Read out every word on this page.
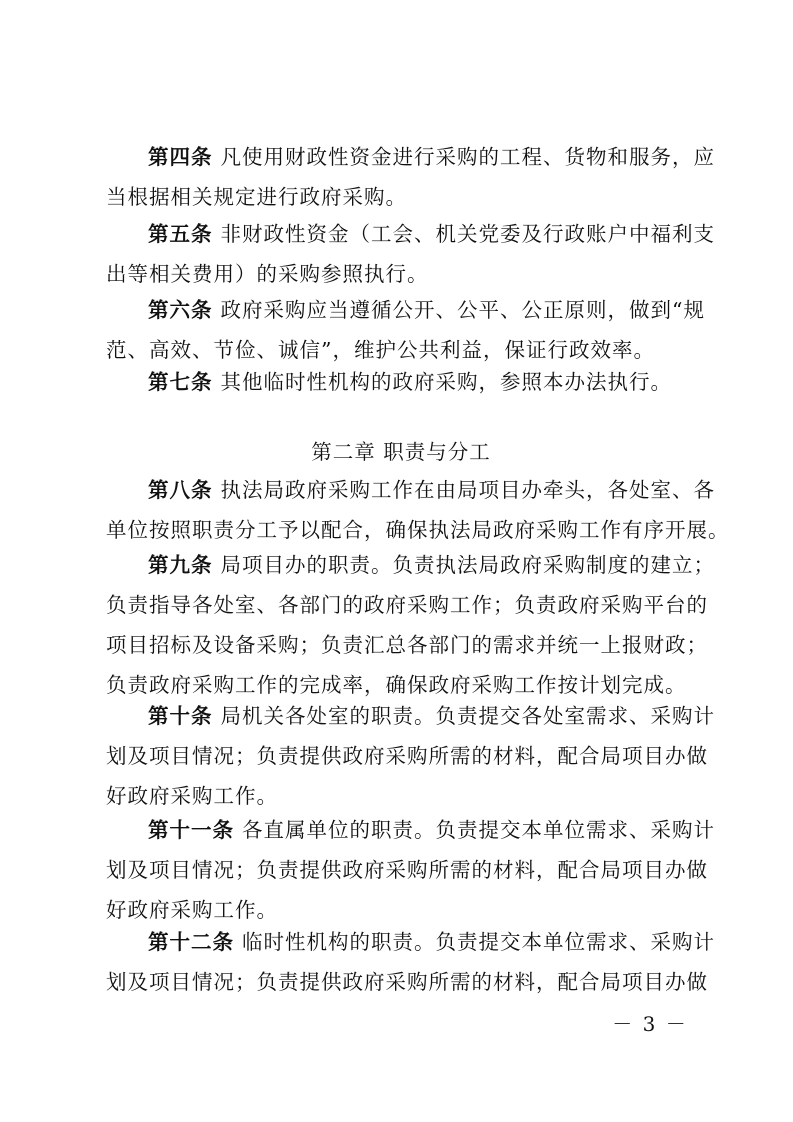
第四条 凡使用财政性资金进行采购的工程、货物和服务，应
当根据相关规定进行政府采购。
第五条 非财政性资金（工会、机关党委及行政账户中福利支
出等相关费用）的采购参照执行。
第六条 政府采购应当遵循公开、公平、公正原则，做到“规
范、高效、节俭、诚信”，维护公共利益，保证行政效率。
第七条 其他临时性机构的政府采购，参照本办法执行。
第二章 职责与分工
第八条 执法局政府采购工作在由局项目办牵头，各处室、各
单位按照职责分工予以配合，确保执法局政府采购工作有序开展。
第九条 局项目办的职责。负责执法局政府采购制度的建立；
负责指导各处室、各部门的政府采购工作；负责政府采购平台的
项目招标及设备采购；负责汇总各部门的需求并统一上报财政；
负责政府采购工作的完成率，确保政府采购工作按计划完成。
第十条 局机关各处室的职责。负责提交各处室需求、采购计
划及项目情况；负责提供政府采购所需的材料，配合局项目办做
好政府采购工作。
第十一条 各直属单位的职责。负责提交本单位需求、采购计
划及项目情况；负责提供政府采购所需的材料，配合局项目办做
好政府采购工作。
第十二条 临时性机构的职责。负责提交本单位需求、采购计
划及项目情况；负责提供政府采购所需的材料，配合局项目办做
－ 3 －
